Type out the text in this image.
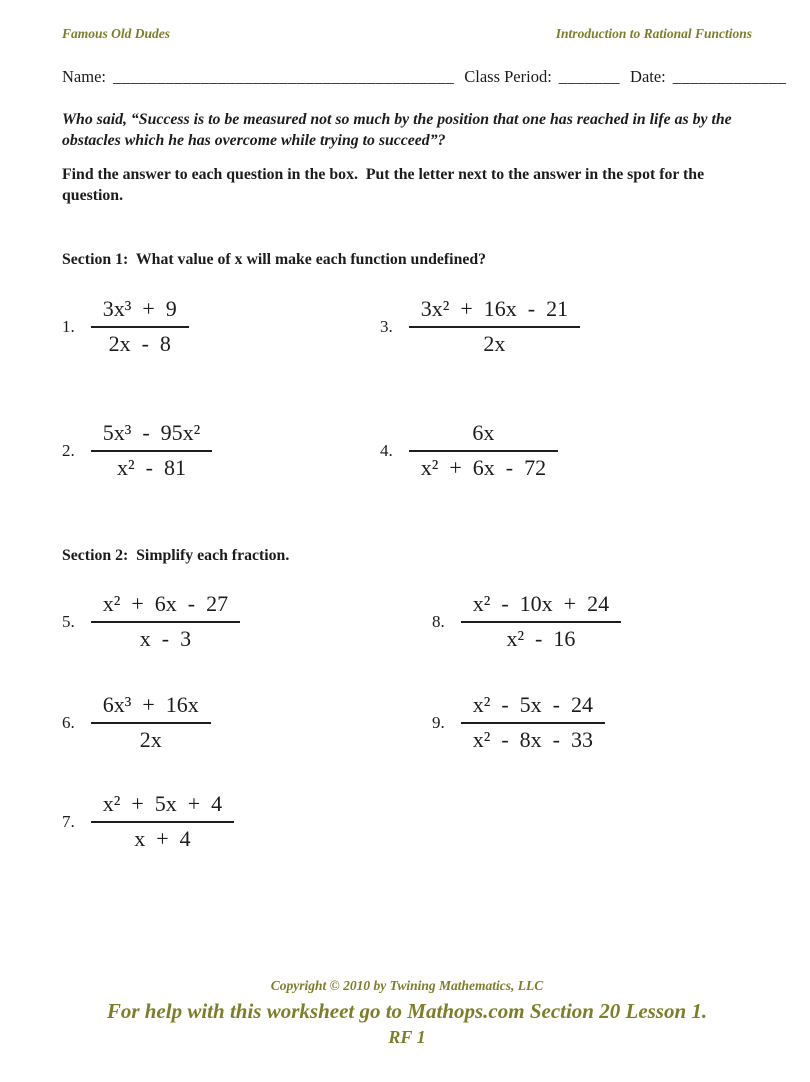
Famous Old Dudes	Introduction to Rational Functions
Name: _______________________________________ Class Period: _______ Date: _____________
Who said, “Success is to be measured not so much by the position that one has reached in life as by the obstacles which he has overcome while trying to succeed”?
Find the answer to each question in the box.  Put the letter next to the answer in the spot for the question.
Section 1:  What value of x will make each function undefined?
1. $\frac{\text{3x³  +  9}}{2x - 8}$	3. $\frac{\text{3x²  +  16x  -  21}}{2x}$
2. $\frac{\text{5x³  -  95x²}}{\text{x²  -  81}}$	4. $\frac{6x}{\text{x²  +  6x  -  72}}$
Section 2:  Simplify each fraction.
5. $\frac{\text{x²  +  6x  -  27}}{x - 3}$	8. $\frac{\text{x²  -  10x  +  24}}{\text{x²  -  16}}$
6. $\frac{\text{6x³  +  16x}}{2x}$	9. $\frac{\text{x²  -  5x  -  24}}{\text{x²  -  8x  -  33}}$
7. $\frac{\text{x²  +  5x  +  4}}{x + 4}$
Copyright © 2010 by Twining Mathematics, LLC
For help with this worksheet go to Mathops.com Section 20 Lesson 1.
RF 1
